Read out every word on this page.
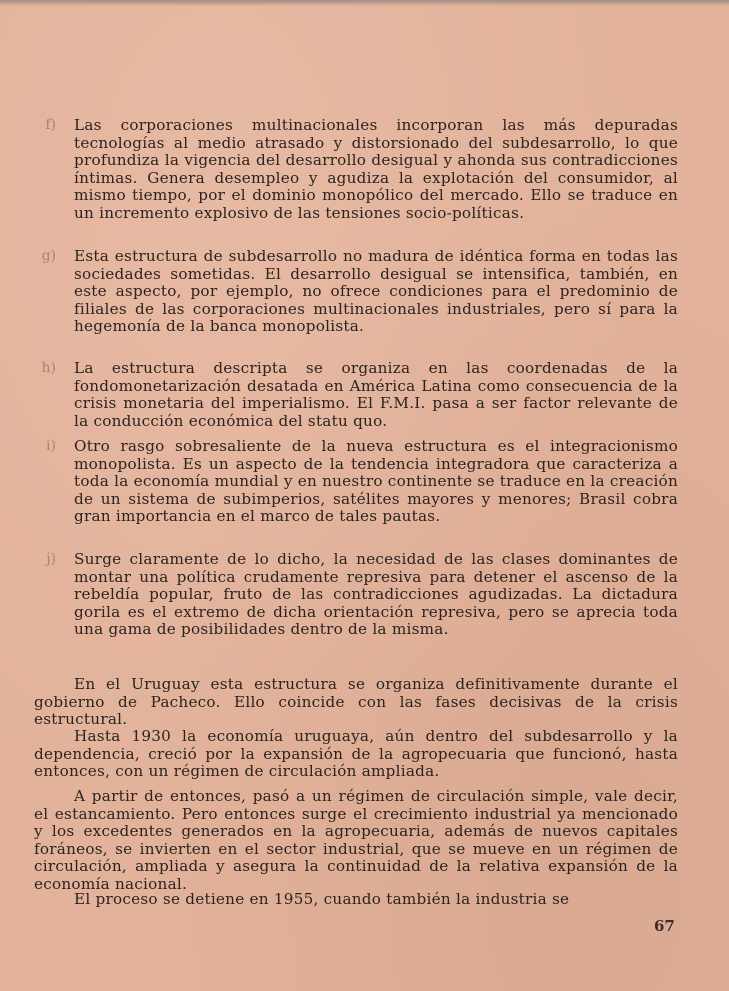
f) Las corporaciones multinacionales incorporan las más depuradas tecnologías al medio atrasado y distorsionado del subdesarrollo, lo que profundiza la vigencia del desarrollo desigual y ahonda sus contradicciones íntimas. Genera desempleo y agudiza la explotación del consumidor, al mismo tiempo, por el dominio monopólico del mercado. Ello se traduce en un incremento explosivo de las tensiones socio-políticas.
g) Esta estructura de subdesarrollo no madura de idéntica forma en todas las sociedades sometidas. El desarrollo desigual se intensifica, también, en este aspecto, por ejemplo, no ofrece condiciones para el predominio de filiales de las corporaciones multinacionales industriales, pero sí para la hegemonía de la banca monopolista.
h) La estructura descripta se organiza en las coordenadas de la fondomonetarización desatada en América Latina como consecuencia de la crisis monetaria del imperialismo. El F.M.I. pasa a ser factor relevante de la conducción económica del statu quo.
i) Otro rasgo sobresaliente de la nueva estructura es el integracionismo monopolista. Es un aspecto de la tendencia integradora que caracteriza a toda la economía mundial y en nuestro continente se traduce en la creación de un sistema de subimperios, satélites mayores y menores; Brasil cobra gran importancia en el marco de tales pautas.
j) Surge claramente de lo dicho, la necesidad de las clases dominantes de montar una política crudamente represiva para detener el ascenso de la rebeldía popular, fruto de las contradicciones agudizadas. La dictadura gorila es el extremo de dicha orientación represiva, pero se aprecia toda una gama de posibilidades dentro de la misma.
En el Uruguay esta estructura se organiza definitivamente durante el gobierno de Pacheco. Ello coincide con las fases decisivas de la crisis estructural.
Hasta 1930 la economía uruguaya, aún dentro del subdesarrollo y la dependencia, creció por la expansión de la agropecuaria que funcionó, hasta entonces, con un régimen de circulación ampliada.
A partir de entonces, pasó a un régimen de circulación simple, vale decir, el estancamiento. Pero entonces surge el crecimiento industrial ya mencionado y los excedentes generados en la agropecuaria, además de nuevos capitales foráneos, se invierten en el sector industrial, que se mueve en un régimen de circulación, ampliada y asegura la continuidad de la relativa expansión de la economía nacional.
El proceso se detiene en 1955, cuando también la industria se
67
